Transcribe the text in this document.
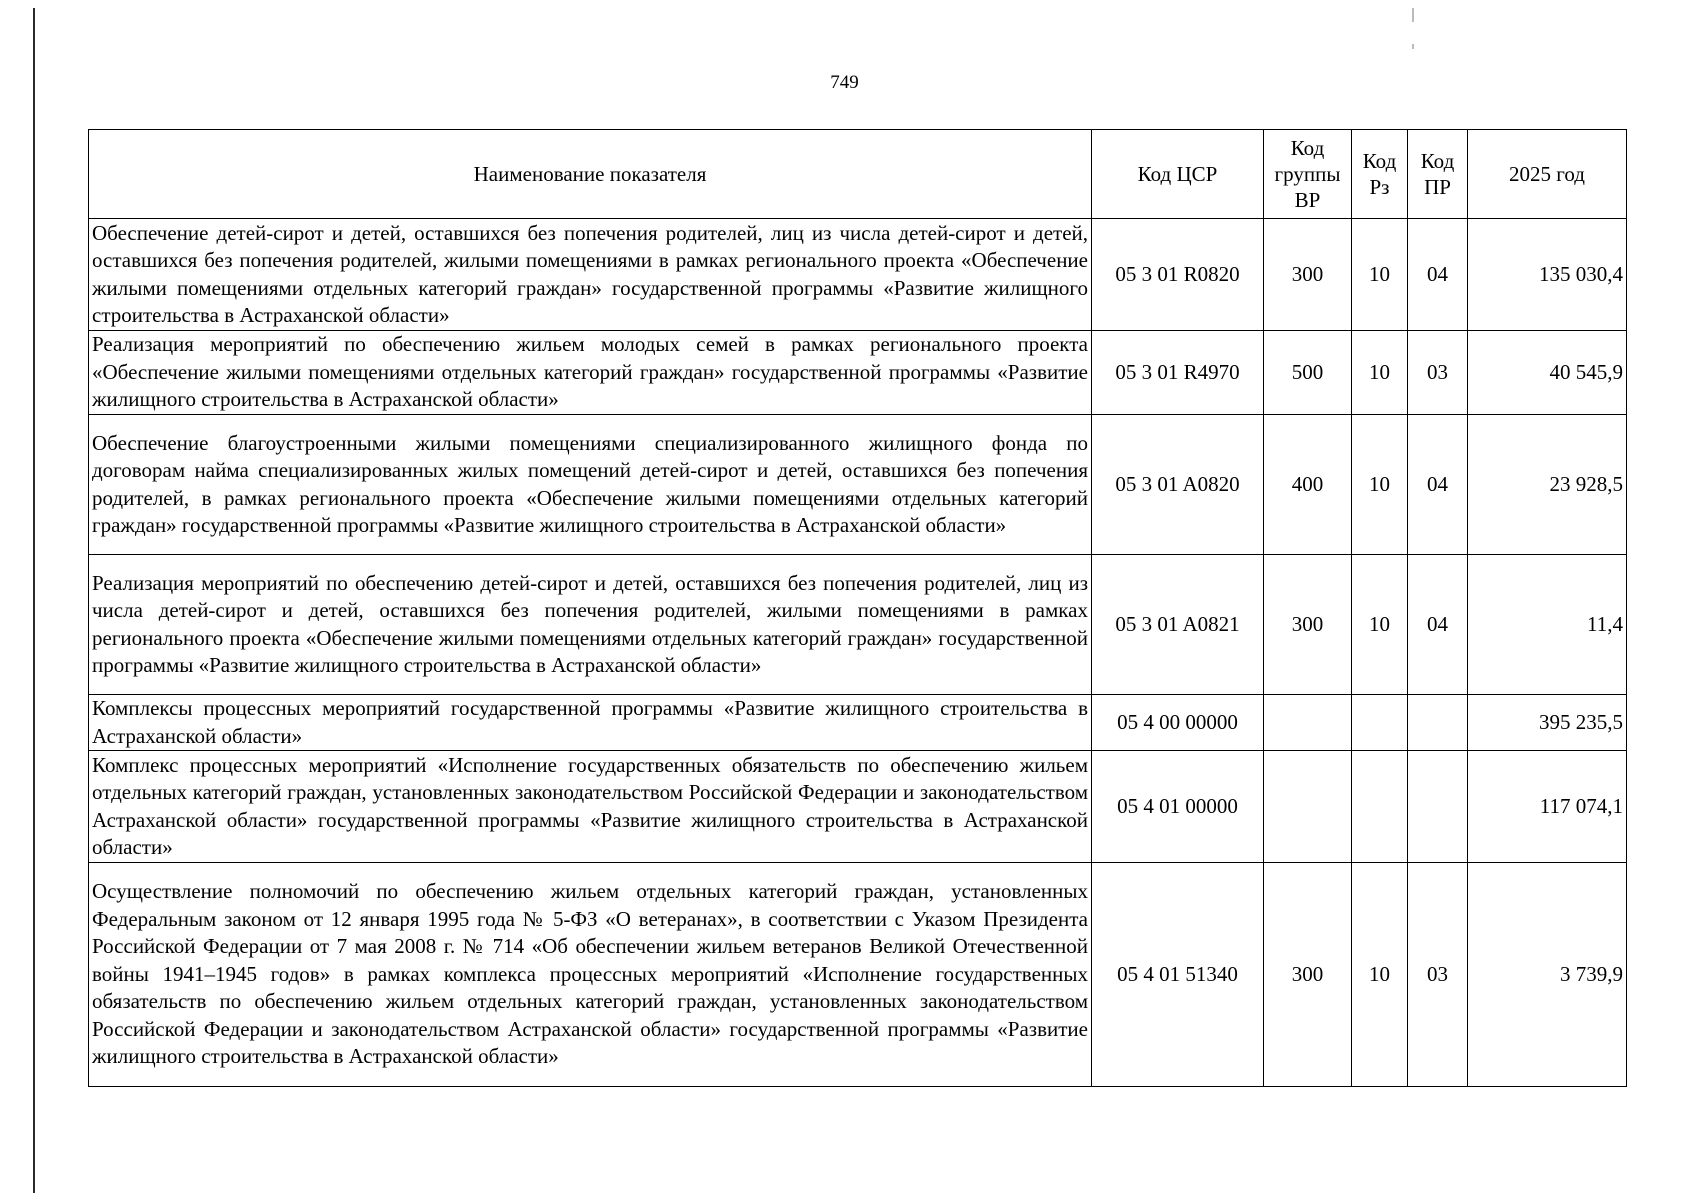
749
Наименование показателя	Код ЦСР	Код группы ВР	Код Рз	Код ПР	2025 год
Обеспечение детей-сирот и детей, оставшихся без попечения родителей, лиц из числа детей-сирот и детей, оставшихся без попечения родителей, жилыми помещениями в рамках регионального проекта «Обеспечение жилыми помещениями отдельных категорий граждан» государственной программы «Развитие жилищного строительства в Астраханской области»	05 3 01 R0820	300	10	04	135 030,4
Реализация мероприятий по обеспечению жильем молодых семей в рамках регионального проекта «Обеспечение жилыми помещениями отдельных категорий граждан» государственной программы «Развитие жилищного строительства в Астраханской области»	05 3 01 R4970	500	10	03	40 545,9
Обеспечение благоустроенными жилыми помещениями специализированного жилищного фонда по договорам найма специализированных жилых помещений детей-сирот и детей, оставшихся без попечения родителей, в рамках регионального проекта «Обеспечение жилыми помещениями отдельных категорий граждан» государственной программы «Развитие жилищного строительства в Астраханской области»	05 3 01 A0820	400	10	04	23 928,5
Реализация мероприятий по обеспечению детей-сирот и детей, оставшихся без попечения родителей, лиц из числа детей-сирот и детей, оставшихся без попечения родителей, жилыми помещениями в рамках регионального проекта «Обеспечение жилыми помещениями отдельных категорий граждан» государственной программы «Развитие жилищного строительства в Астраханской области»	05 3 01 A0821	300	10	04	11,4
Комплексы процессных мероприятий государственной программы «Развитие жилищного строительства в Астраханской области»	05 4 00 00000				395 235,5
Комплекс процессных мероприятий «Исполнение государственных обязательств по обеспечению жильем отдельных категорий граждан, установленных законодательством Российской Федерации и законодательством Астраханской области» государственной программы «Развитие жилищного строительства в Астраханской области»	05 4 01 00000				117 074,1
Осуществление полномочий по обеспечению жильем отдельных категорий граждан, установленных Федеральным законом от 12 января 1995 года № 5-ФЗ «О ветеранах», в соответствии с Указом Президента Российской Федерации от 7 мая 2008 г. № 714 «Об обеспечении жильем ветеранов Великой Отечественной войны 1941–1945 годов» в рамках комплекса процессных мероприятий «Исполнение государственных обязательств по обеспечению жильем отдельных категорий граждан, установленных законодательством Российской Федерации и законодательством Астраханской области» государственной программы «Развитие жилищного строительства в Астраханской области»	05 4 01 51340	300	10	03	3 739,9
